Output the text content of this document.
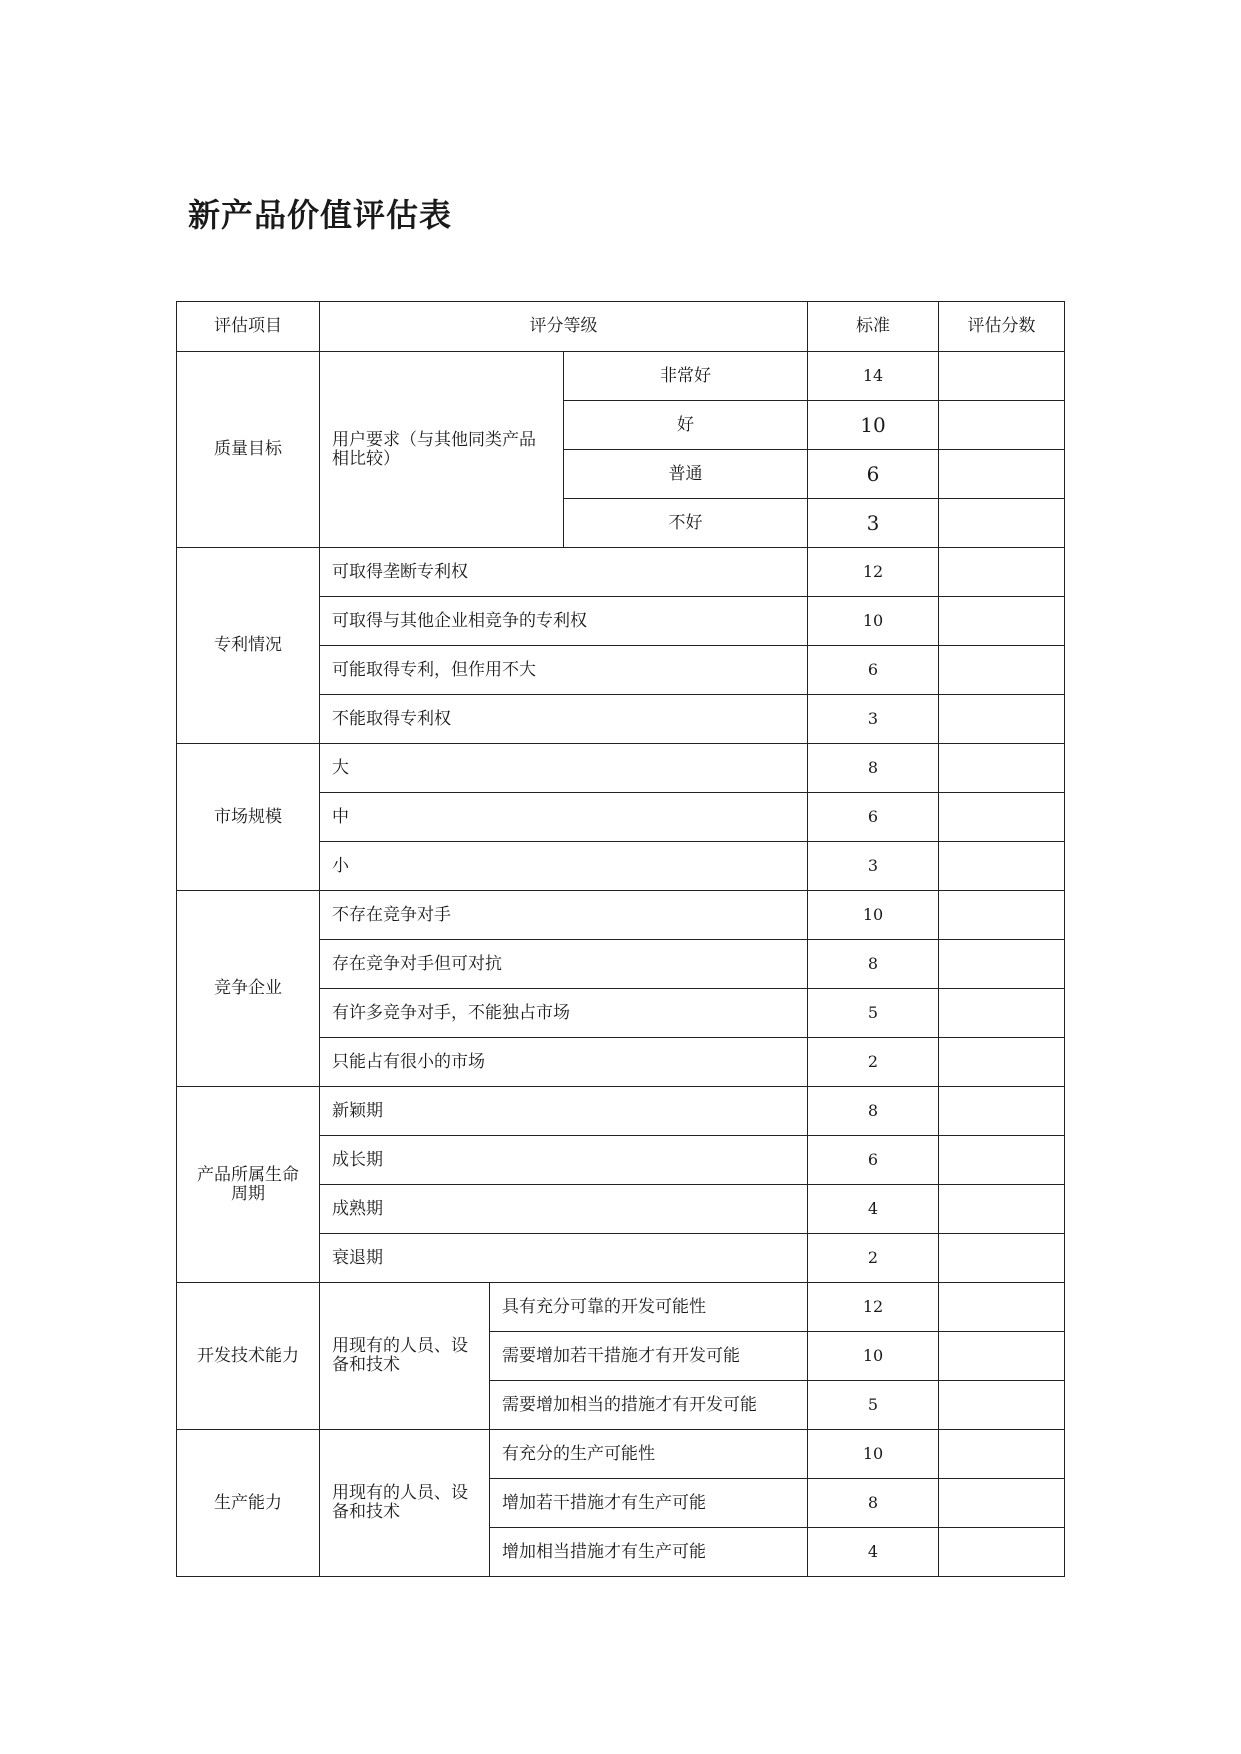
新产品价值评估表
评估项目	评分等级			标准	评估分数
质量目标	用户要求（与其他同类产品相比较）		非常好	14	
			好	10	
			普通	6	
			不好	3	
专利情况	可取得垄断专利权			12	
	可取得与其他企业相竞争的专利权			10	
	可能取得专利，但作用不大			6	
	不能取得专利权			3	
市场规模	大			8	
	中			6	
	小			3	
竞争企业	不存在竞争对手			10	
	存在竞争对手但可对抗			8	
	有许多竞争对手，不能独占市场			5	
	只能占有很小的市场			2	
产品所属生命周期	新颖期			8	
	成长期			6	
	成熟期			4	
	衰退期			2	
开发技术能力	用现有的人员、设备和技术	具有充分可靠的开发可能性		12	
		需要增加若干措施才有开发可能		10	
		需要增加相当的措施才有开发可能		5	
生产能力	用现有的人员、设备和技术	有充分的生产可能性		10	
		增加若干措施才有生产可能		8	
		增加相当措施才有生产可能		4	
